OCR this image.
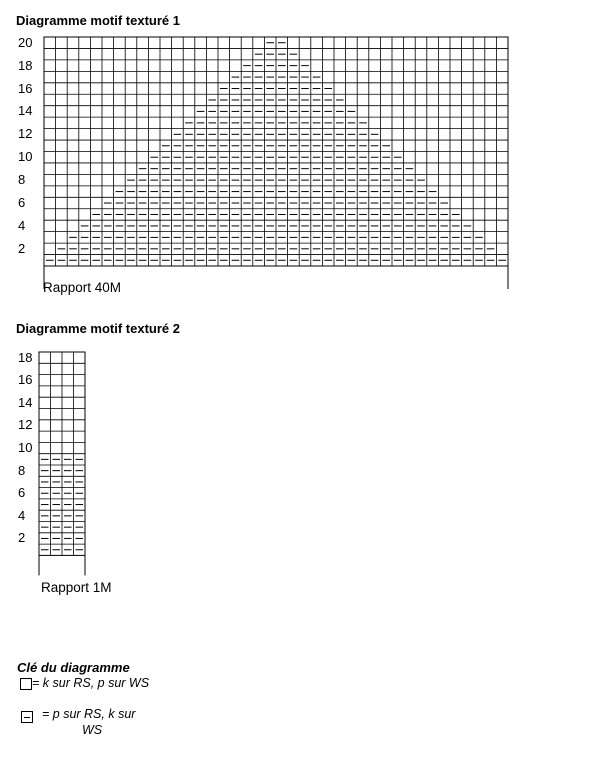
Diagramme motif texturé 1
20
18
16
14
12
10
8
6
4
2
Rapport 40M
Diagramme motif texturé 2
18
16
14
12
10
8
6
4
2
Rapport 1M
Clé du diagramme
= k sur RS, p sur WS
= p sur RS, k sur
WS
